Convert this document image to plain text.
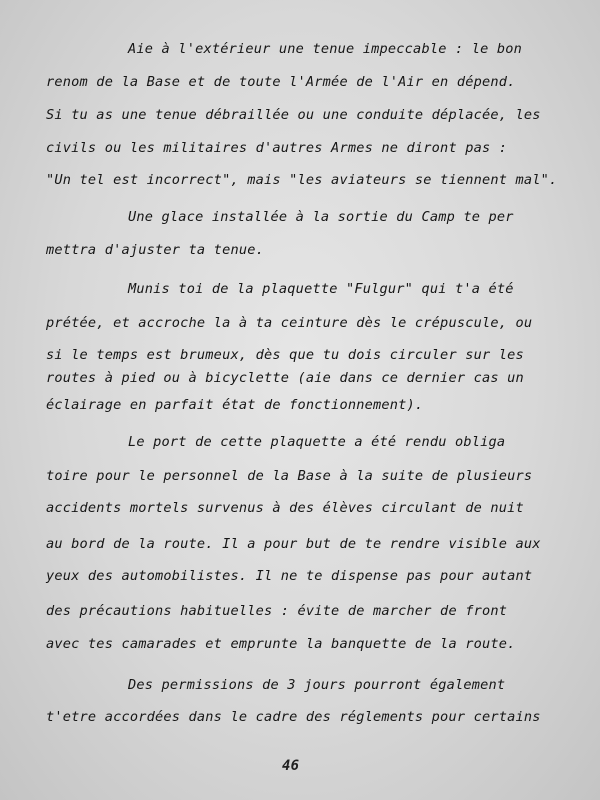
Aie à l'extérieur une tenue impeccable : le bon
renom de la Base et de toute l'Armée de l'Air en dépend.
Si tu as une tenue débraillée ou une conduite déplacée, les
civils ou les militaires d'autres Armes ne diront pas :
"Un tel est incorrect", mais "les aviateurs se tiennent mal".
Une glace installée à la sortie du Camp te per
mettra d'ajuster ta tenue.
Munis toi de la plaquette "Fulgur" qui t'a été
prétée, et accroche la à ta ceinture dès le crépuscule, ou
si le temps est brumeux, dès que tu dois circuler sur les
routes à pied ou à bicyclette (aie dans ce dernier cas un
éclairage en parfait état de fonctionnement).
Le port de cette plaquette a été rendu obliga
toire pour le personnel de la Base à la suite de plusieurs
accidents mortels survenus à des élèves circulant de nuit
au bord de la route. Il a pour but de te rendre visible aux
yeux des automobilistes. Il ne te dispense pas pour autant
des précautions habituelles : évite de marcher de front
avec tes camarades et emprunte la banquette de la route.
Des permissions de 3 jours pourront également
t'etre accordées dans le cadre des réglements pour certains
46
